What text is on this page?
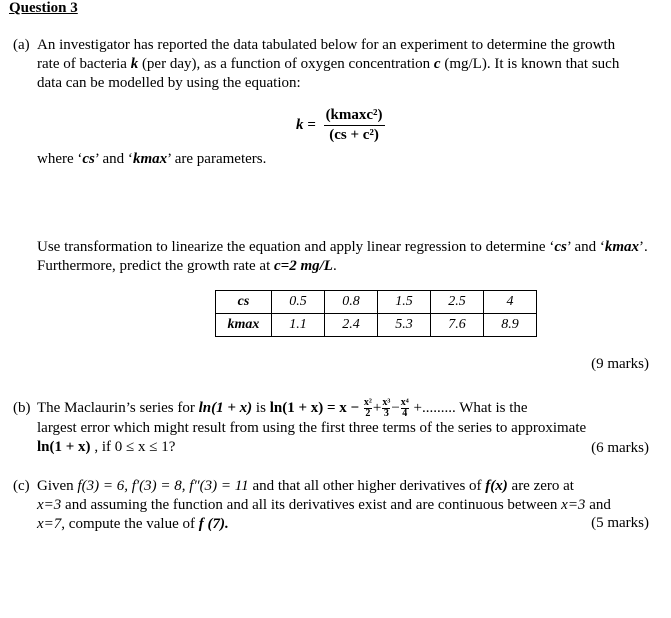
Question 3
(a) An investigator has reported the data tabulated below for an experiment to determine the growth
rate of bacteria k (per day), as a function of oxygen concentration c (mg/L). It is known that such
data can be modelled by using the equation:
$k = \frac{\text{(kmaxc²)}}{\text{(cs + c²)}}$
where ‘cs’ and ‘kmax’ are parameters.
Use transformation to linearize the equation and apply linear regression to determine ‘cs’ and ‘kmax’.
Furthermore, predict the growth rate at c=2 mg/L.
cs	0.5	0.8	1.5	2.5	4
kmax	1.1	2.4	5.3	7.6	8.9
(9 marks)
(b) The Maclaurin’s series for ln(1 + x) is $\ln(1 + x) = x - \frac{\text{x²}}{2} + \frac{\text{x³}}{3} - \frac{\text{x⁴}}{4}$ +......... What is the
largest error which might result from using the first three terms of the series to approximate
ln(1 + x) , if 0 ≤ x ≤ 1?	(6 marks)
(c) Given f(3) = 6, f′(3) = 8, f″(3) = 11 and that all other higher derivatives of f(x) are zero at
x=3 and assuming the function and all its derivatives exist and are continuous between x=3 and
x=7, compute the value of f (7).	(5 marks)
